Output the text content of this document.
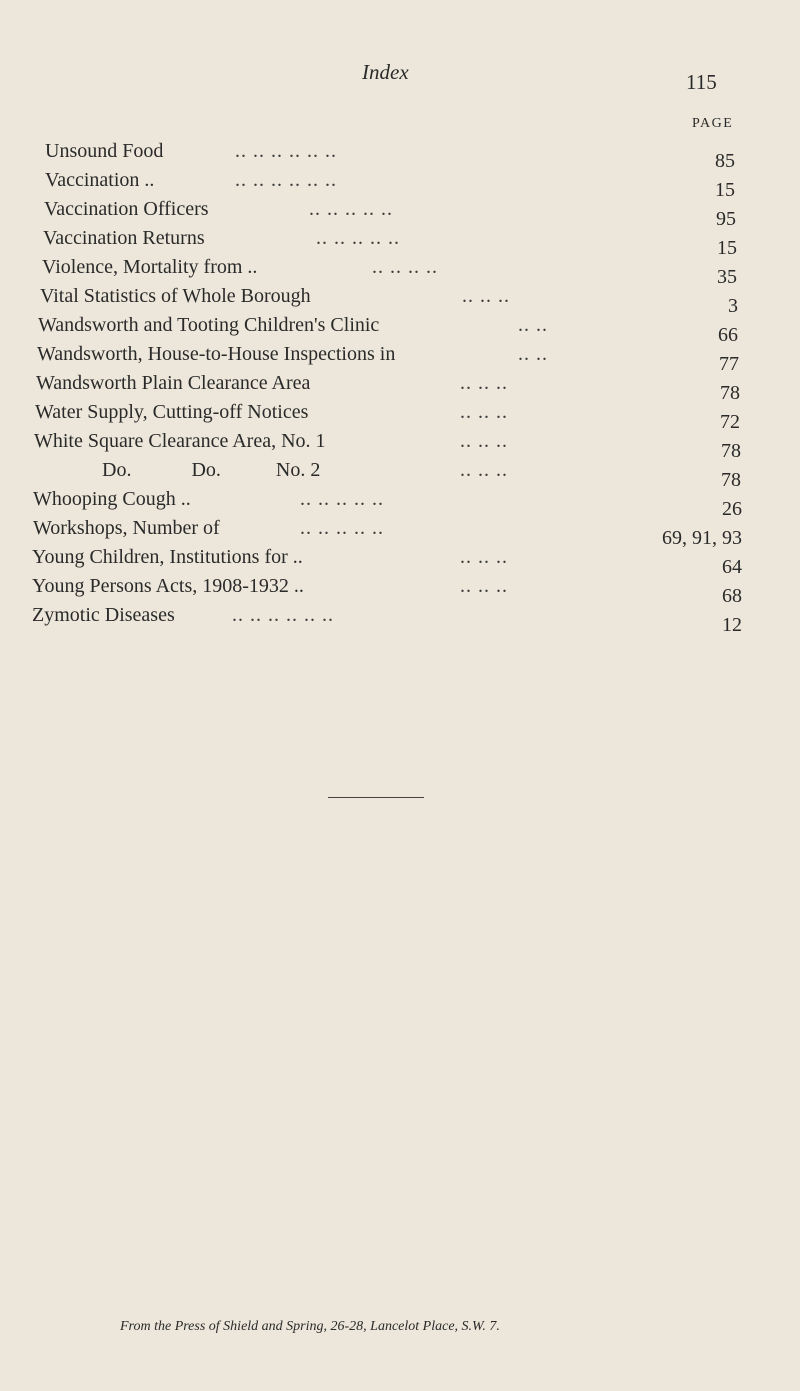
Index	115
PAGE
Unsound Food	.. .. .. .. .. ..	85
Vaccination ..	.. .. .. .. .. ..	15
Vaccination Officers	.. .. .. .. ..	95
Vaccination Returns	.. .. .. .. ..	15
Violence, Mortality from ..	.. .. .. ..	35
Vital Statistics of Whole Borough	.. .. ..	3
Wandsworth and Tooting Children's Clinic	.. ..	66
Wandsworth, House-to-House Inspections in	.. ..	77
Wandsworth Plain Clearance Area	.. .. ..	78
Water Supply, Cutting-off Notices	.. .. ..	72
White Square Clearance Area, No. 1	.. .. ..	78
Do.            Do.           No. 2	.. .. ..	78
Whooping Cough ..	.. .. .. .. ..	26
Workshops, Number of	.. .. .. .. ..	69, 91, 93
Young Children, Institutions for ..	.. .. ..	64
Young Persons Acts, 1908-1932 ..	.. .. ..	68
Zymotic Diseases	.. .. .. .. .. ..	12
From the Press of Shield and Spring, 26-28, Lancelot Place, S.W. 7.
